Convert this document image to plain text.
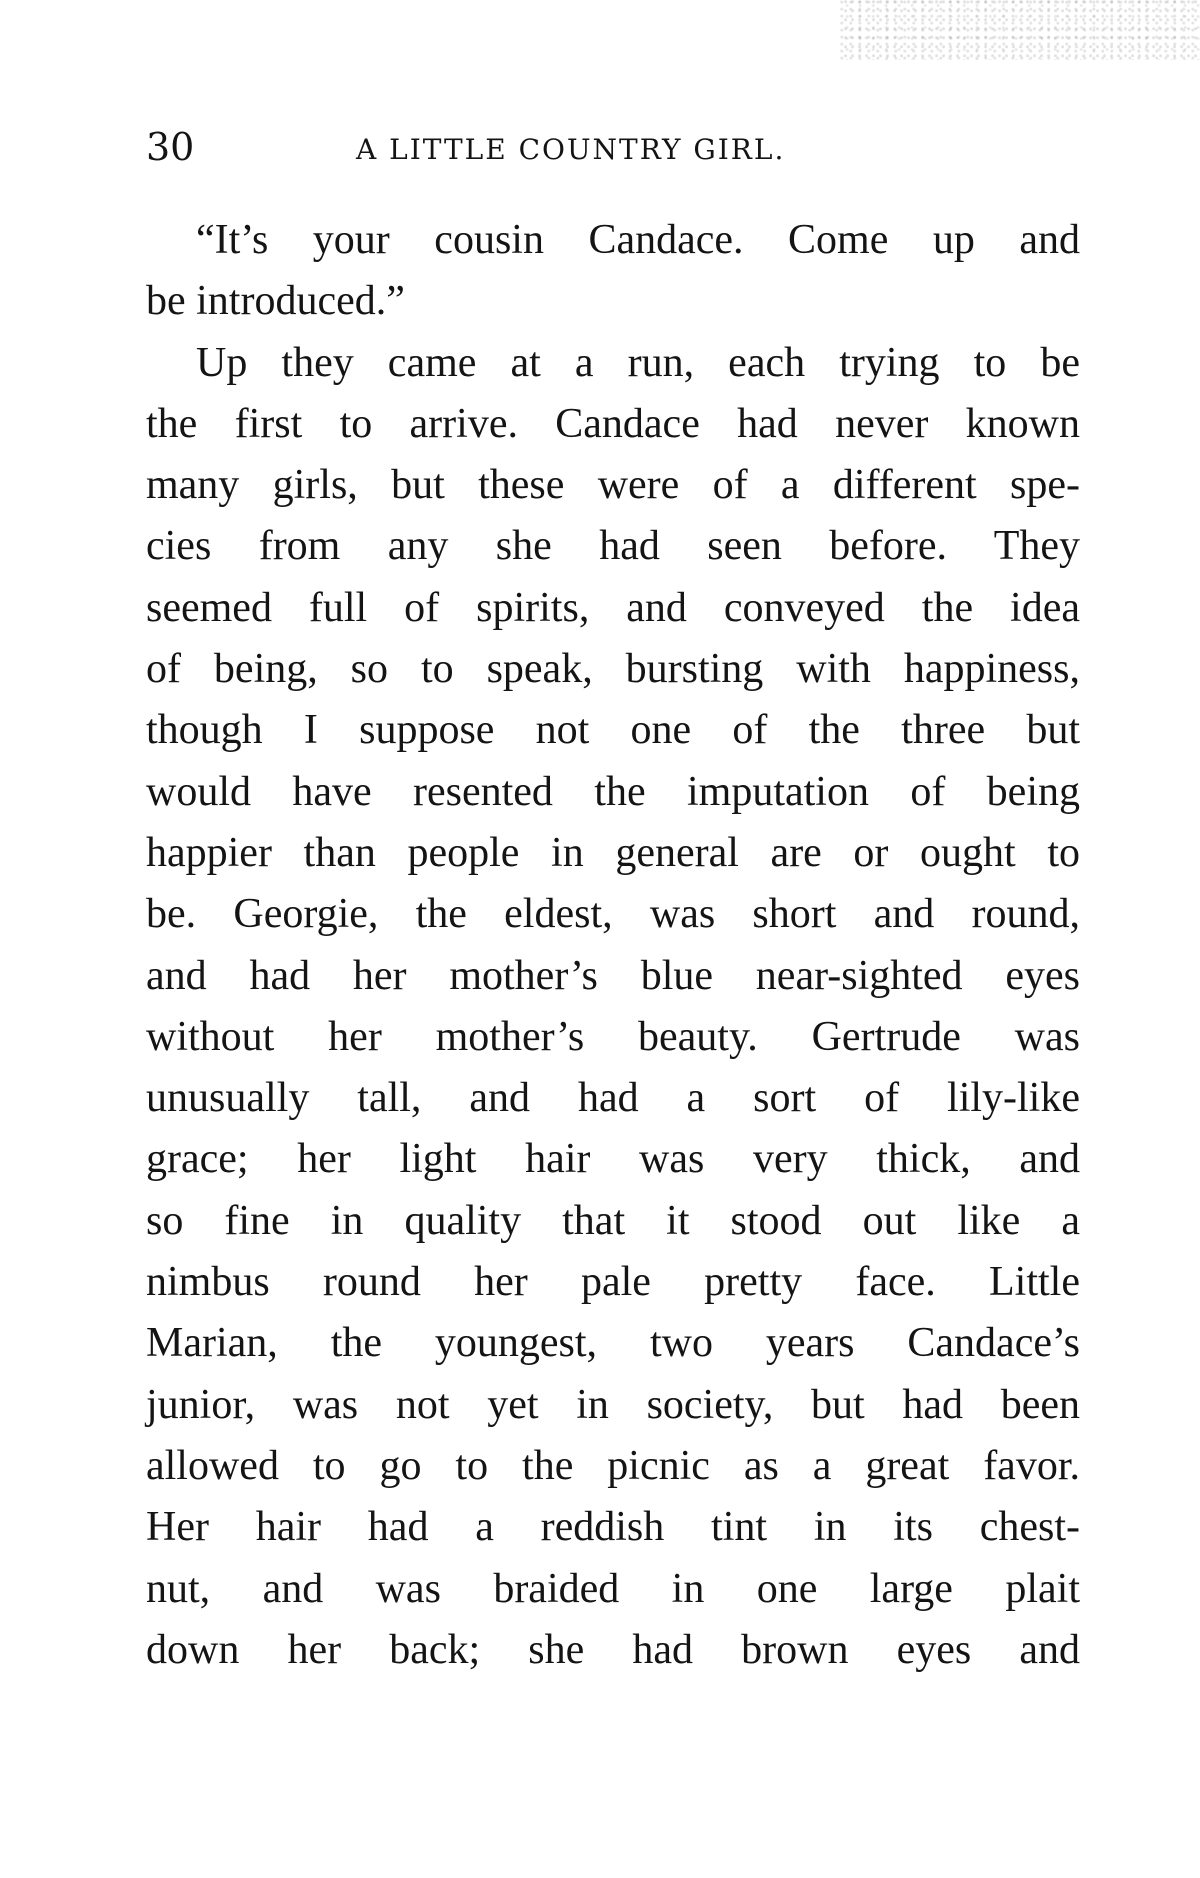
30	A LITTLE COUNTRY GIRL.
“It’s your cousin Candace. Come up and
be introduced.”
Up they came at a run, each trying to be
the first to arrive. Candace had never known
many girls, but these were of a different spe-
cies from any she had seen before. They
seemed full of spirits, and conveyed the idea
of being, so to speak, bursting with happiness,
though I suppose not one of the three but
would have resented the imputation of being
happier than people in general are or ought to
be. Georgie, the eldest, was short and round,
and had her mother’s blue near-sighted eyes
without her mother’s beauty. Gertrude was
unusually tall, and had a sort of lily-like
grace; her light hair was very thick, and
so fine in quality that it stood out like a
nimbus round her pale pretty face. Little
Marian, the youngest, two years Candace’s
junior, was not yet in society, but had been
allowed to go to the picnic as a great favor.
Her hair had a reddish tint in its chest-
nut, and was braided in one large plait
down her back; she had brown eyes and
